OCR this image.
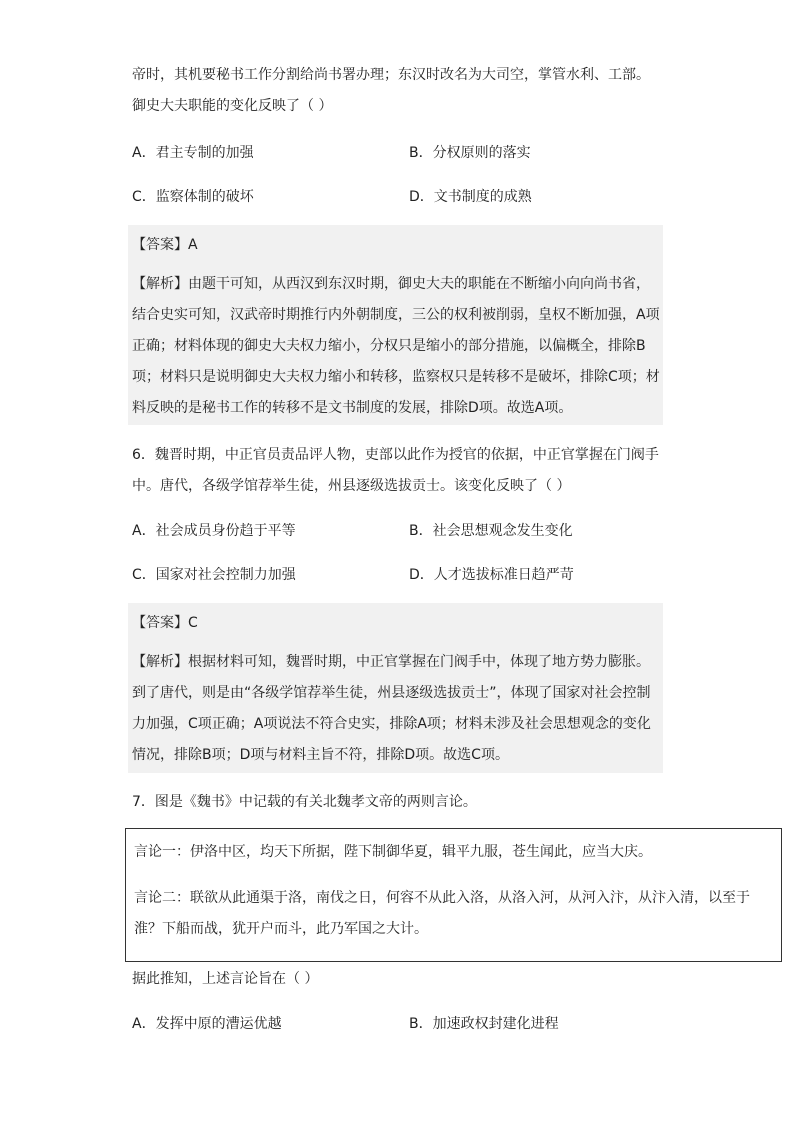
帝时，其机要秘书工作分割给尚书署办理；东汉时改名为大司空，掌管水利、工部。御史大夫职能的变化反映了（ ）

A．君主专制的加强	B．分权原则的落实

C．监察体制的破坏	D．文书制度的成熟

【答案】A

【解析】由题干可知，从西汉到东汉时期，御史大夫的职能在不断缩小向向尚书省，结合史实可知，汉武帝时期推行内外朝制度，三公的权利被削弱，皇权不断加强，A项正确；材料体现的御史大夫权力缩小，分权只是缩小的部分措施，以偏概全，排除B项；材料只是说明御史大夫权力缩小和转移，监察权只是转移不是破坏，排除C项；材料反映的是秘书工作的转移不是文书制度的发展，排除D项。故选A项。

6．魏晋时期，中正官员责品评人物，吏部以此作为授官的依据，中正官掌握在门阀手中。唐代，各级学馆荐举生徒，州县逐级选拔贡士。该变化反映了（ ）

A．社会成员身份趋于平等	B．社会思想观念发生变化

C．国家对社会控制力加强	D．人才选拔标准日趋严苛

【答案】C

【解析】根据材料可知，魏晋时期，中正官掌握在门阀手中，体现了地方势力膨胀。到了唐代，则是由“各级学馆荐举生徒，州县逐级选拔贡士”，体现了国家对社会控制力加强，C项正确；A项说法不符合史实，排除A项；材料未涉及社会思想观念的变化情况，排除B项；D项与材料主旨不符，排除D项。故选C项。

7．图是《魏书》中记载的有关北魏孝文帝的两则言论。

言论一：伊洛中区，均天下所据，陛下制御华夏，辑平九服，苍生闻此，应当大庆。

言论二：联欲从此通渠于洛，南伐之日，何容不从此入洛，从洛入河，从河入汴，从汴入清，以至于淮？下船而战，犹开户而斗，此乃军国之大计。

据此推知，上述言论旨在（ ）

A．发挥中原的漕运优越	B．加速政权封建化进程
